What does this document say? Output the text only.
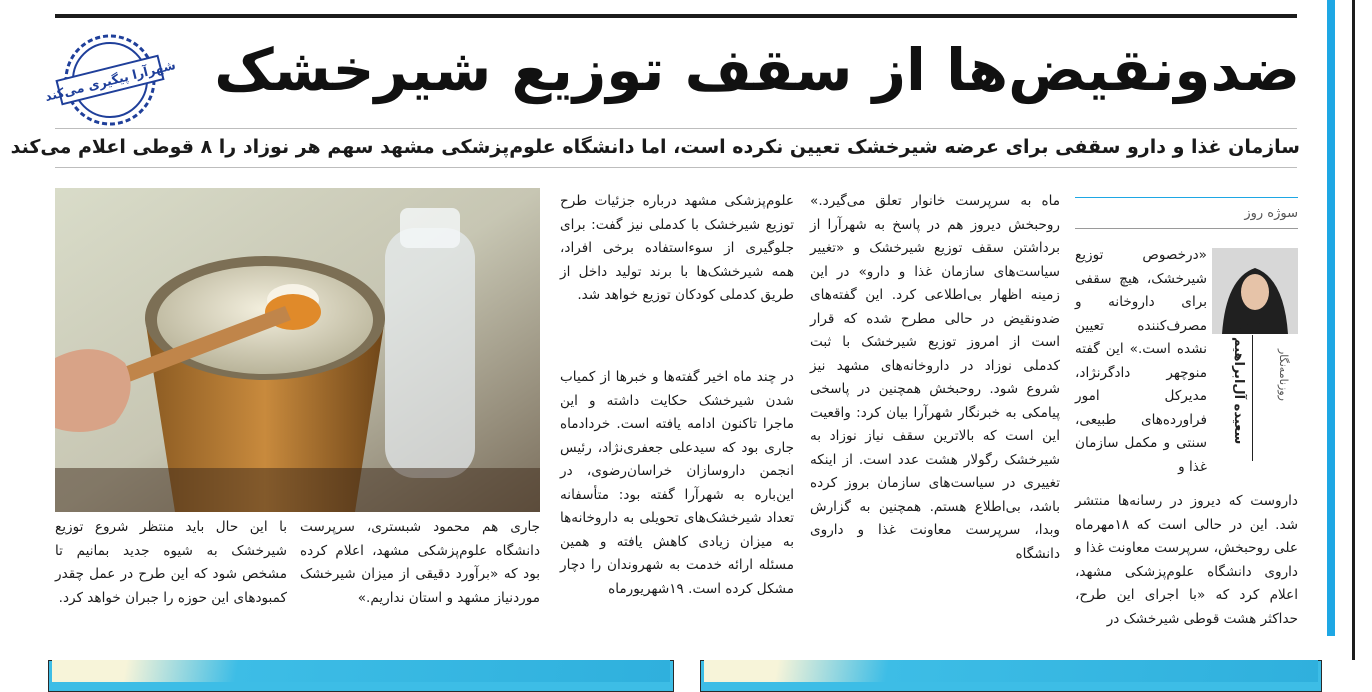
شهرآرا پیگیری می‌کند ضدونقیض‌ها از سقف توزیع شیرخشک
سازمان غذا و دارو سقفی برای عرضه شیرخشک تعیین نکرده است، اما دانشگاه علوم‌پزشکی مشهد سهم هر نوزاد را ۸ قوطی اعلام می‌کند
سوژه روز
سعیده آل‌ابراهیم	روزنامه‌نگار
«درخصوص توزیع شیرخشک، هیچ سقفی برای داروخانه و مصرف‌کننده تعیین نشده است.» این گفته منوچهر دادگرنژاد، مدیرکل امور فراورده‌های طبیعی، سنتی و مکمل سازمان غذا و
داروست که دیروز در رسانه‌ها منتشر شد. این در حالی است که ۱۸مهرماه علی روحبخش، سرپرست معاونت غذا و داروی دانشگاه علوم‌پزشکی مشهد، اعلام کرد که «با اجرای این طرح، حداکثر هشت قوطی شیرخشک در
ماه به سرپرست خانوار تعلق می‌گیرد.» روحبخش دیروز هم در پاسخ به شهرآرا از برداشتن سقف توزیع شیرخشک و «تغییر سیاست‌های سازمان غذا و دارو» در این زمینه اظهار بی‌اطلاعی کرد. این گفته‌های ضدونقیض در حالی مطرح شده که قرار است از امروز توزیع شیرخشک با ثبت کدملی نوزاد در داروخانه‌های مشهد نیز شروع شود. روحبخش همچنین در پاسخی پیامکی به خبرنگار شهرآرا بیان کرد: واقعیت این است که بالاترین سقف نیاز نوزاد به شیرخشک رگولار هشت عدد است. از اینکه تغییری در سیاست‌های سازمان بروز کرده باشد، بی‌اطلاع هستم. همچنین به گزارش وبدا، سرپرست معاونت غذا و داروی دانشگاه
علوم‌پزشکی مشهد درباره جزئیات طرح توزیع شیرخشک با کدملی نیز گفت: برای جلوگیری از سوءاستفاده برخی افراد، همه شیرخشک‌ها با برند تولید داخل از طریق کدملی کودکان توزیع خواهد شد.
در چند ماه اخیر گفته‌ها و خبرها از کمیاب شدن شیرخشک حکایت داشته و این ماجرا تاکنون ادامه یافته است. خردادماه جاری بود که سیدعلی جعفری‌نژاد، رئیس انجمن داروسازان خراسان‌رضوی، در این‌باره به شهرآرا گفته بود: متأسفانه تعداد شیرخشک‌های تحویلی به داروخانه‌ها به میزان زیادی کاهش یافته و همین مسئله ارائه خدمت به شهروندان را دچار مشکل کرده است. ۱۹شهریورماه
جاری هم محمود شبستری، سرپرست دانشگاه علوم‌پزشکی مشهد، اعلام کرده بود که «برآورد دقیقی از میزان شیرخشک موردنیاز مشهد و استان نداریم.»
با این حال باید منتظر شروع توزیع شیرخشک به شیوه جدید بمانیم تا مشخص شود که این طرح در عمل چقدر کمبودهای این حوزه را جبران خواهد کرد.
